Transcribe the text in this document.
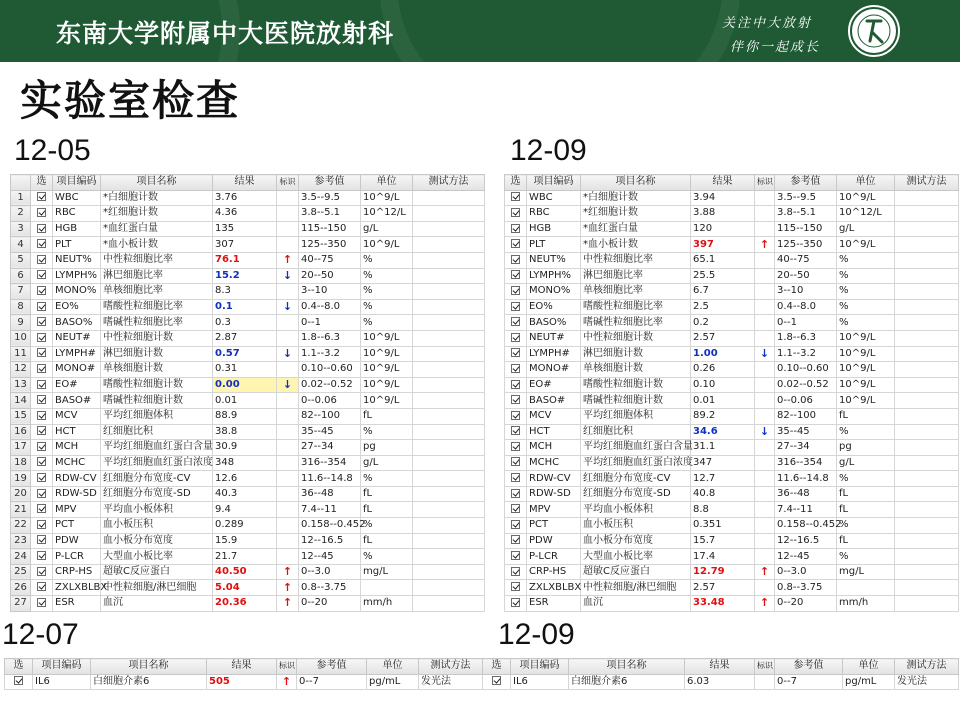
东南大学附属中大医院放射科	关注中大放射
伴你一起成长
实验室检查
12-05	12-09
12-07	12-09
	选	项目编码	项目名称	结果	标识	参考值	单位	测试方法
1		WBC	*白细胞计数	3.76		3.5--9.5	10^9/L	
2		RBC	*红细胞计数	4.36		3.8--5.1	10^12/L	
3		HGB	*血红蛋白量	135		115--150	g/L	
4		PLT	*血小板计数	307		125--350	10^9/L	
5		NEUT%	中性粒细胞比率	76.1	↑	40--75	%	
6		LYMPH%	淋巴细胞比率	15.2	↓	20--50	%	
7		MONO%	单核细胞比率	8.3		3--10	%	
8		EO%	嗜酸性粒细胞比率	0.1	↓	0.4--8.0	%	
9		BASO%	嗜碱性粒细胞比率	0.3		0--1	%	
10		NEUT#	中性粒细胞计数	2.87		1.8--6.3	10^9/L	
11		LYMPH#	淋巴细胞计数	0.57	↓	1.1--3.2	10^9/L	
12		MONO#	单核细胞计数	0.31		0.10--0.60	10^9/L	
13		EO#	嗜酸性粒细胞计数	0.00	↓	0.02--0.52	10^9/L	
14		BASO#	嗜碱性粒细胞计数	0.01		0--0.06	10^9/L	
15		MCV	平均红细胞体积	88.9		82--100	fL	
16		HCT	红细胞比积	38.8		35--45	%	
17		MCH	平均红细胞血红蛋白含量	30.9		27--34	pg	
18		MCHC	平均红细胞血红蛋白浓度	348		316--354	g/L	
19		RDW-CV	红细胞分布宽度-CV	12.6		11.6--14.8	%	
20		RDW-SD	红细胞分布宽度-SD	40.3		36--48	fL	
21		MPV	平均血小板体积	9.4		7.4--11	fL	
22		PCT	血小板压积	0.289		0.158--0.452	%	
23		PDW	血小板分布宽度	15.9		12--16.5	fL	
24		P-LCR	大型血小板比率	21.7		12--45	%	
25		CRP-HS	超敏C反应蛋白	40.50	↑	0--3.0	mg/L	
26		ZXLXBLBX	中性粒细胞/淋巴细胞	5.04	↑	0.8--3.75		
27		ESR	血沉	20.36	↑	0--20	mm/h	
选	项目编码	项目名称	结果	标识	参考值	单位	测试方法
	WBC	*白细胞计数	3.94		3.5--9.5	10^9/L	
	RBC	*红细胞计数	3.88		3.8--5.1	10^12/L	
	HGB	*血红蛋白量	120		115--150	g/L	
	PLT	*血小板计数	397	↑	125--350	10^9/L	
	NEUT%	中性粒细胞比率	65.1		40--75	%	
	LYMPH%	淋巴细胞比率	25.5		20--50	%	
	MONO%	单核细胞比率	6.7		3--10	%	
	EO%	嗜酸性粒细胞比率	2.5		0.4--8.0	%	
	BASO%	嗜碱性粒细胞比率	0.2		0--1	%	
	NEUT#	中性粒细胞计数	2.57		1.8--6.3	10^9/L	
	LYMPH#	淋巴细胞计数	1.00	↓	1.1--3.2	10^9/L	
	MONO#	单核细胞计数	0.26		0.10--0.60	10^9/L	
	EO#	嗜酸性粒细胞计数	0.10		0.02--0.52	10^9/L	
	BASO#	嗜碱性粒细胞计数	0.01		0--0.06	10^9/L	
	MCV	平均红细胞体积	89.2		82--100	fL	
	HCT	红细胞比积	34.6	↓	35--45	%	
	MCH	平均红细胞血红蛋白含量	31.1		27--34	pg	
	MCHC	平均红细胞血红蛋白浓度	347		316--354	g/L	
	RDW-CV	红细胞分布宽度-CV	12.7		11.6--14.8	%	
	RDW-SD	红细胞分布宽度-SD	40.8		36--48	fL	
	MPV	平均血小板体积	8.8		7.4--11	fL	
	PCT	血小板压积	0.351		0.158--0.452	%	
	PDW	血小板分布宽度	15.7		12--16.5	fL	
	P-LCR	大型血小板比率	17.4		12--45	%	
	CRP-HS	超敏C反应蛋白	12.79	↑	0--3.0	mg/L	
	ZXLXBLBX	中性粒细胞/淋巴细胞	2.57		0.8--3.75		
	ESR	血沉	33.48	↑	0--20	mm/h	
选	项目编码	项目名称	结果	标识	参考值	单位	测试方法
	IL6	白细胞介素6	505	↑	0--7	pg/mL	发光法
选	项目编码	项目名称	结果	标识	参考值	单位	测试方法
	IL6	白细胞介素6	6.03		0--7	pg/mL	发光法
